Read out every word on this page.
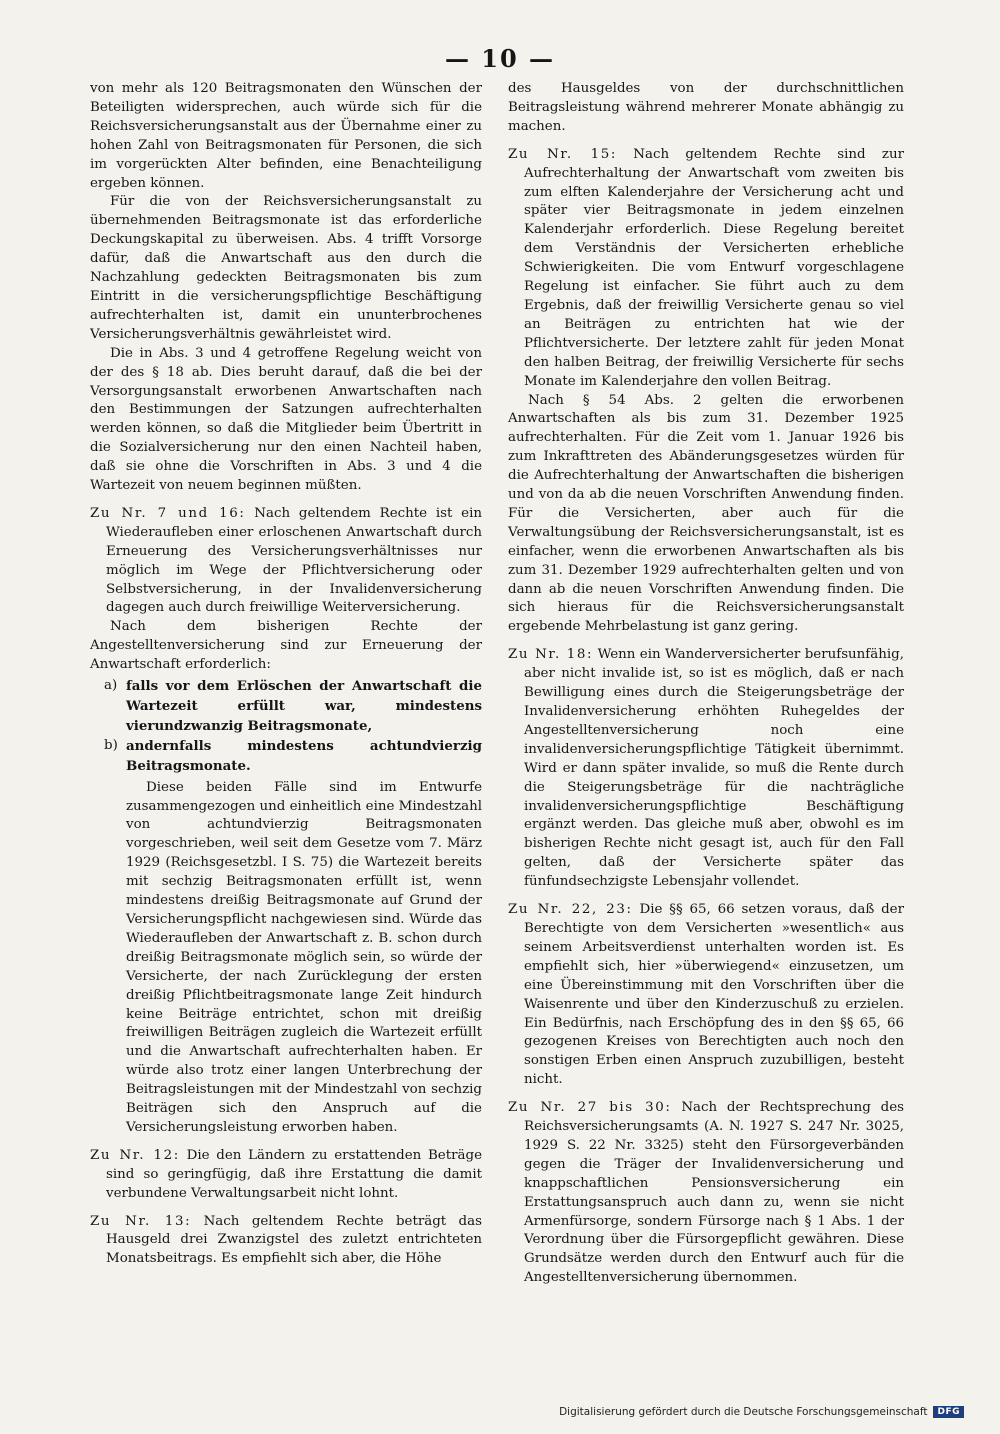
— 10 —

von mehr als 120 Beitragsmonaten den Wünschen der Beteiligten widersprechen, auch würde sich für die Reichsversicherungsanstalt aus der Übernahme einer zu hohen Zahl von Beitragsmonaten für Personen, die sich im vorgerückten Alter befinden, eine Benachteiligung ergeben können.

Für die von der Reichsversicherungsanstalt zu übernehmenden Beitragsmonate ist das erforderliche Deckungskapital zu überweisen. Abs. 4 trifft Vorsorge dafür, daß die Anwartschaft aus den durch die Nachzahlung gedeckten Beitragsmonaten bis zum Eintritt in die versicherungspflichtige Beschäftigung aufrechterhalten ist, damit ein ununterbrochenes Versicherungsverhältnis gewährleistet wird.

Die in Abs. 3 und 4 getroffene Regelung weicht von der des § 18 ab. Dies beruht darauf, daß die bei der Versorgungsanstalt erworbenen Anwartschaften nach den Bestimmungen der Satzungen aufrechterhalten werden können, so daß die Mitglieder beim Übertritt in die Sozialversicherung nur den einen Nachteil haben, daß sie ohne die Vorschriften in Abs. 3 und 4 die Wartezeit von neuem beginnen müßten.

Zu Nr. 7 und 16: Nach geltendem Rechte ist ein Wiederaufleben einer erloschenen Anwartschaft durch Erneuerung des Versicherungsverhältnisses nur möglich im Wege der Pflichtversicherung oder Selbstversicherung, in der Invalidenversicherung dagegen auch durch freiwillige Weiterversicherung.

Nach dem bisherigen Rechte der Angestelltenversicherung sind zur Erneuerung der Anwartschaft erforderlich:

a) falls vor dem Erlöschen der Anwartschaft die Wartezeit erfüllt war, mindestens vierundzwanzig Beitragsmonate,
b) andernfalls mindestens achtundvierzig Beitragsmonate.

Diese beiden Fälle sind im Entwurfe zusammengezogen und einheitlich eine Mindestzahl von achtundvierzig Beitragsmonaten vorgeschrieben, weil seit dem Gesetze vom 7. März 1929 (Reichsgesetzbl. I S. 75) die Wartezeit bereits mit sechzig Beitragsmonaten erfüllt ist, wenn mindestens dreißig Beitragsmonate auf Grund der Versicherungspflicht nachgewiesen sind. Würde das Wiederaufleben der Anwartschaft z. B. schon durch dreißig Beitragsmonate möglich sein, so würde der Versicherte, der nach Zurücklegung der ersten dreißig Pflichtbeitragsmonate lange Zeit hindurch keine Beiträge entrichtet, schon mit dreißig freiwilligen Beiträgen zugleich die Wartezeit erfüllt und die Anwartschaft aufrechterhalten haben. Er würde also trotz einer langen Unterbrechung der Beitragsleistungen mit der Mindestzahl von sechzig Beiträgen sich den Anspruch auf die Versicherungsleistung erworben haben.

Zu Nr. 12: Die den Ländern zu erstattenden Beträge sind so geringfügig, daß ihre Erstattung die damit verbundene Verwaltungsarbeit nicht lohnt.

Zu Nr. 13: Nach geltendem Rechte beträgt das Hausgeld drei Zwanzigstel des zuletzt entrichteten Monatsbeitrags. Es empfiehlt sich aber, die Höhe

des Hausgeldes von der durchschnittlichen Beitragsleistung während mehrerer Monate abhängig zu machen.

Zu Nr. 15: Nach geltendem Rechte sind zur Aufrechterhaltung der Anwartschaft vom zweiten bis zum elften Kalenderjahre der Versicherung acht und später vier Beitragsmonate in jedem einzelnen Kalenderjahr erforderlich. Diese Regelung bereitet dem Verständnis der Versicherten erhebliche Schwierigkeiten. Die vom Entwurf vorgeschlagene Regelung ist einfacher. Sie führt auch zu dem Ergebnis, daß der freiwillig Versicherte genau so viel an Beiträgen zu entrichten hat wie der Pflichtversicherte. Der letztere zahlt für jeden Monat den halben Beitrag, der freiwillig Versicherte für sechs Monate im Kalenderjahre den vollen Beitrag.

Nach § 54 Abs. 2 gelten die erworbenen Anwartschaften als bis zum 31. Dezember 1925 aufrechterhalten. Für die Zeit vom 1. Januar 1926 bis zum Inkrafttreten des Abänderungsgesetzes würden für die Aufrechterhaltung der Anwartschaften die bisherigen und von da ab die neuen Vorschriften Anwendung finden. Für die Versicherten, aber auch für die Verwaltungsübung der Reichsversicherungsanstalt, ist es einfacher, wenn die erworbenen Anwartschaften als bis zum 31. Dezember 1929 aufrechterhalten gelten und von dann ab die neuen Vorschriften Anwendung finden. Die sich hieraus für die Reichsversicherungsanstalt ergebende Mehrbelastung ist ganz gering.

Zu Nr. 18: Wenn ein Wanderversicherter berufsunfähig, aber nicht invalide ist, so ist es möglich, daß er nach Bewilligung eines durch die Steigerungsbeträge der Invalidenversicherung erhöhten Ruhegeldes der Angestelltenversicherung noch eine invalidenversicherungspflichtige Tätigkeit übernimmt. Wird er dann später invalide, so muß die Rente durch die Steigerungsbeträge für die nachträgliche invalidenversicherungspflichtige Beschäftigung ergänzt werden. Das gleiche muß aber, obwohl es im bisherigen Rechte nicht gesagt ist, auch für den Fall gelten, daß der Versicherte später das fünfundsechzigste Lebensjahr vollendet.

Zu Nr. 22, 23: Die §§ 65, 66 setzen voraus, daß der Berechtigte von dem Versicherten »wesentlich« aus seinem Arbeitsverdienst unterhalten worden ist. Es empfiehlt sich, hier »überwiegend« einzusetzen, um eine Übereinstimmung mit den Vorschriften über die Waisenrente und über den Kinderzuschuß zu erzielen. Ein Bedürfnis, nach Erschöpfung des in den §§ 65, 66 gezogenen Kreises von Berechtigten auch noch den sonstigen Erben einen Anspruch zuzubilligen, besteht nicht.

Zu Nr. 27 bis 30: Nach der Rechtsprechung des Reichsversicherungsamts (A. N. 1927 S. 247 Nr. 3025, 1929 S. 22 Nr. 3325) steht den Fürsorgeverbänden gegen die Träger der Invalidenversicherung und knappschaftlichen Pensionsversicherung ein Erstattungsanspruch auch dann zu, wenn sie nicht Armenfürsorge, sondern Fürsorge nach § 1 Abs. 1 der Verordnung über die Fürsorgepflicht gewähren. Diese Grundsätze werden durch den Entwurf auch für die Angestelltenversicherung übernommen.

Digitalisierung gefördert durch die Deutsche Forschungsgemeinschaft	DFG
